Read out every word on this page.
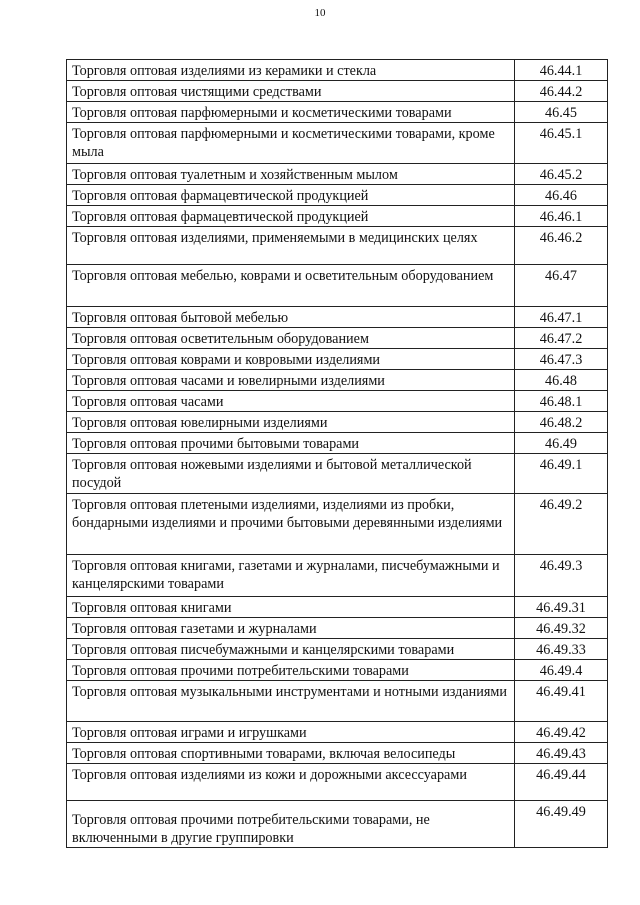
10
Торговля оптовая изделиями из керамики и стекла	46.44.1
Торговля оптовая чистящими средствами	46.44.2
Торговля оптовая парфюмерными и косметическими товарами	46.45
Торговля оптовая парфюмерными и косметическими товарами, кроме мыла	46.45.1
Торговля оптовая туалетным и хозяйственным мылом	46.45.2
Торговля оптовая фармацевтической продукцией	46.46
Торговля оптовая фармацевтической продукцией	46.46.1
Торговля оптовая изделиями, применяемыми в медицинских целях	46.46.2
Торговля оптовая мебелью, коврами и осветительным оборудованием	46.47
Торговля оптовая бытовой мебелью	46.47.1
Торговля оптовая осветительным оборудованием	46.47.2
Торговля оптовая коврами и ковровыми изделиями	46.47.3
Торговля оптовая часами и ювелирными изделиями	46.48
Торговля оптовая часами	46.48.1
Торговля оптовая ювелирными изделиями	46.48.2
Торговля оптовая прочими бытовыми товарами	46.49
Торговля оптовая ножевыми изделиями и бытовой металлической посудой	46.49.1
Торговля оптовая плетеными изделиями, изделиями из пробки, бондарными изделиями и прочими бытовыми деревянными изделиями	46.49.2
Торговля оптовая книгами, газетами и журналами, писчебумажными и канцелярскими товарами	46.49.3
Торговля оптовая книгами	46.49.31
Торговля оптовая газетами и журналами	46.49.32
Торговля оптовая писчебумажными и канцелярскими товарами	46.49.33
Торговля оптовая прочими потребительскими товарами	46.49.4
Торговля оптовая музыкальными инструментами и нотными изданиями	46.49.41
Торговля оптовая играми и игрушками	46.49.42
Торговля оптовая спортивными товарами, включая велосипеды	46.49.43
Торговля оптовая изделиями из кожи и дорожными аксессуарами	46.49.44
Торговля оптовая прочими потребительскими товарами, не включенными в другие группировки	46.49.49
